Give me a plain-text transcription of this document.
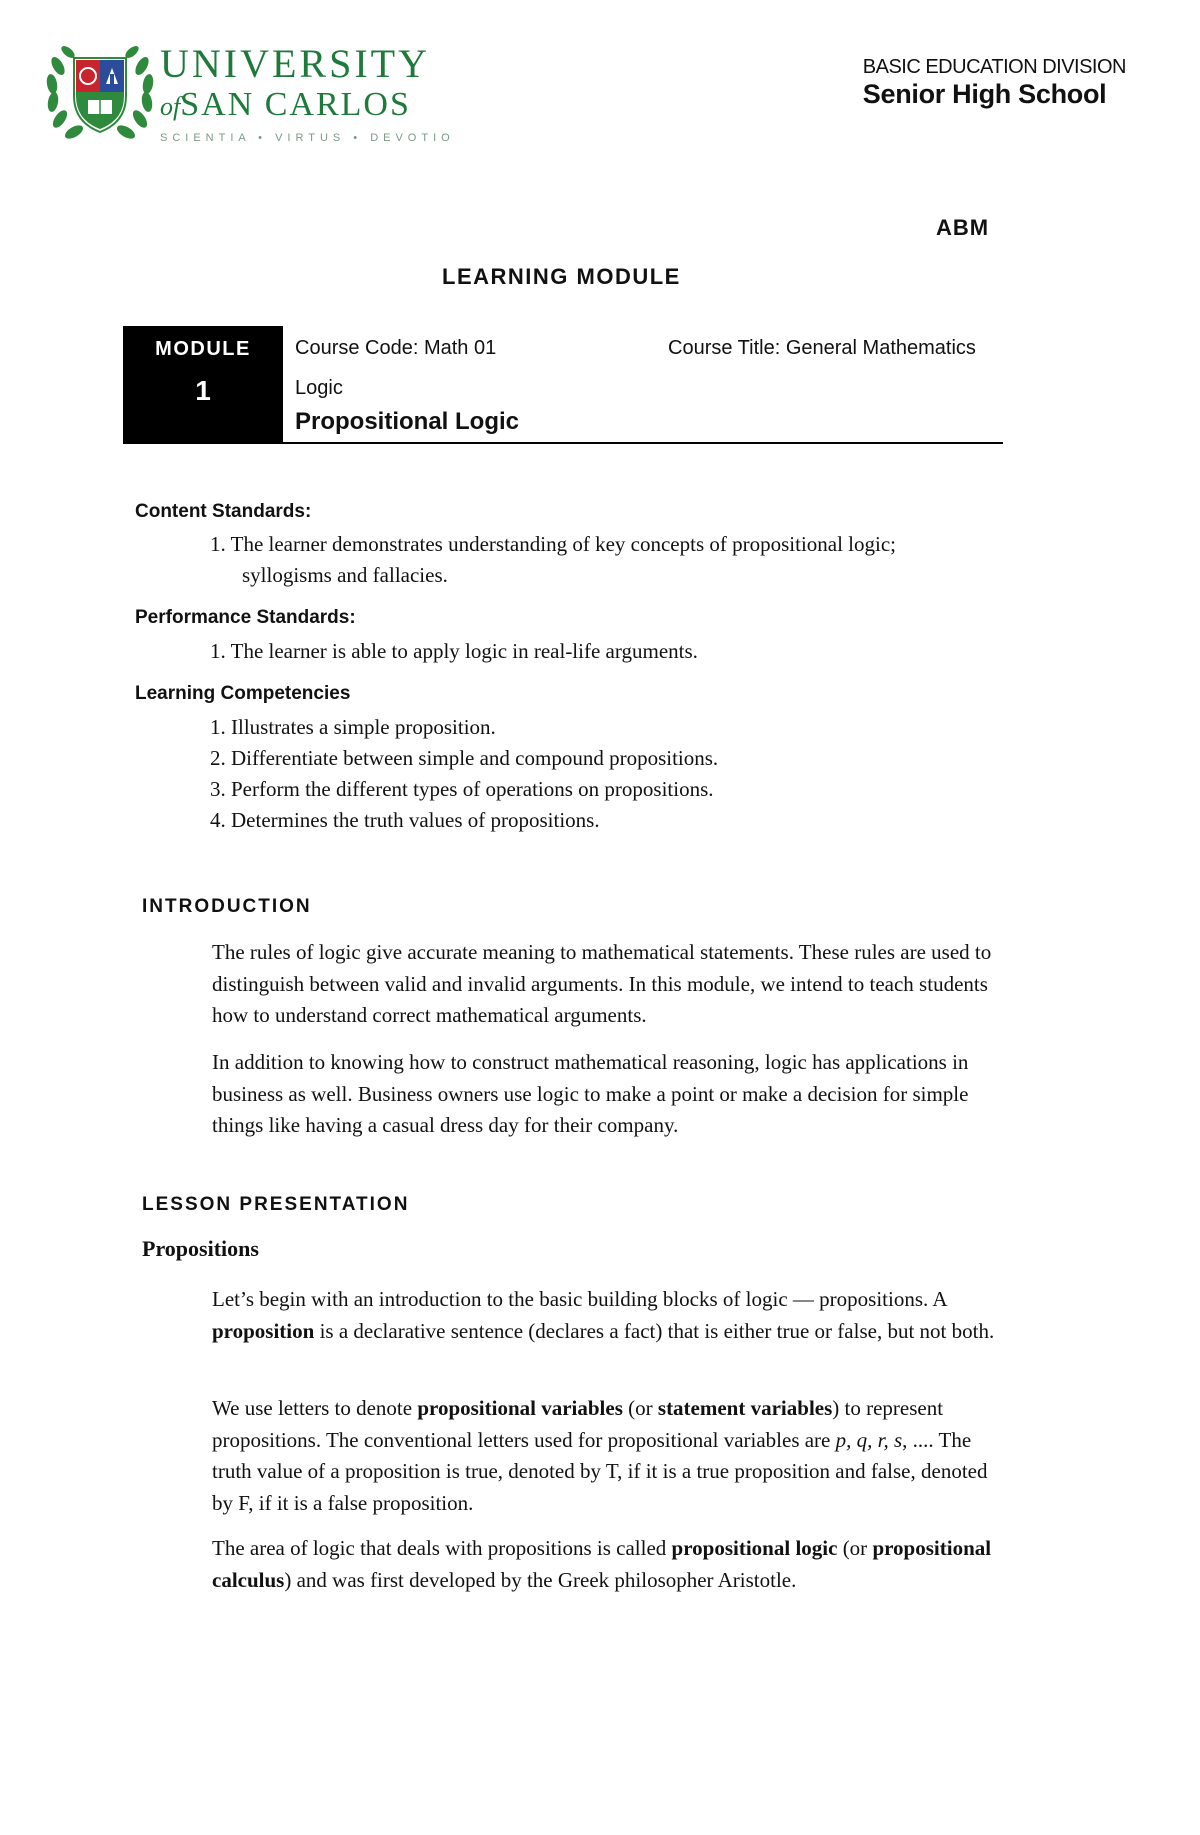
UNIVERSITY
ofSAN CARLOS
SCIENTIA • VIRTUS • DEVOTIO
BASIC EDUCATION DIVISION
Senior High School
ABM
LEARNING MODULE
MODULE
1
Course Code: Math 01	Course Title: General Mathematics
Logic
Propositional Logic
Content Standards:
1. The learner demonstrates understanding of key concepts of propositional logic;
syllogisms and fallacies.
Performance Standards:
1. The learner is able to apply logic in real-life arguments.
Learning Competencies
1. Illustrates a simple proposition.
2. Differentiate between simple and compound propositions.
3. Perform the different types of operations on propositions.
4. Determines the truth values of propositions.
INTRODUCTION
The rules of logic give accurate meaning to mathematical statements. These rules are used to distinguish between valid and invalid arguments. In this module, we intend to teach students how to understand correct mathematical arguments.
In addition to knowing how to construct mathematical reasoning, logic has applications in business as well. Business owners use logic to make a point or make a decision for simple things like having a casual dress day for their company.
LESSON PRESENTATION
Propositions
Let’s begin with an introduction to the basic building blocks of logic — propositions. A proposition is a declarative sentence (declares a fact) that is either true or false, but not both.
We use letters to denote propositional variables (or statement variables) to represent propositions. The conventional letters used for propositional variables are p, q, r, s, .... The truth value of a proposition is true, denoted by T, if it is a true proposition and false, denoted by F, if it is a false proposition.
The area of logic that deals with propositions is called propositional logic (or propositional calculus) and was first developed by the Greek philosopher Aristotle.
